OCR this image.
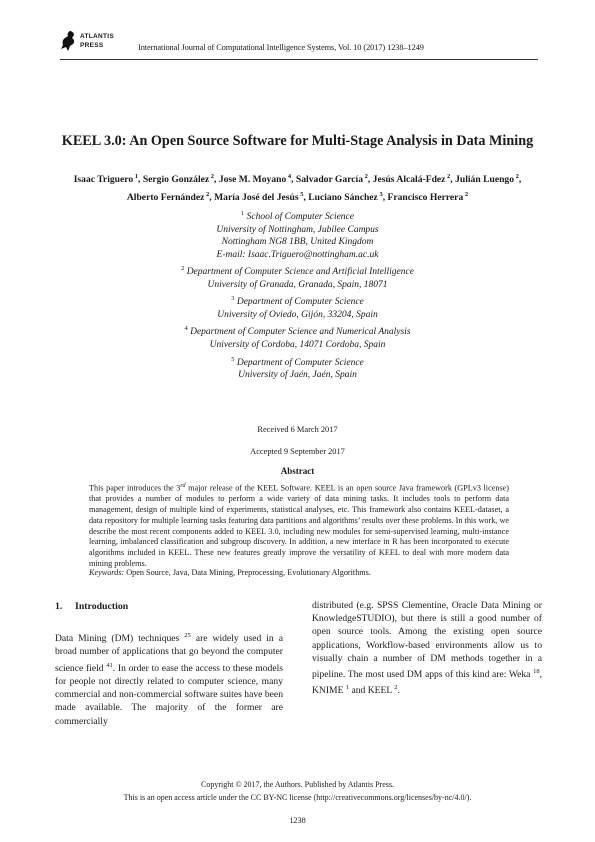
ATLANTIS
PRESS	International Journal of Computational Intelligence Systems, Vol. 10 (2017) 1238–1249
KEEL 3.0: An Open Source Software for Multi-Stage Analysis in Data Mining
Isaac Triguero $^1$, Sergio González $^2$, Jose M. Moyano $^4$, Salvador García $^2$, Jesús Alcalá-Fdez $^2$, Julián Luengo $^2$, Alberto Fernández $^2$, María José del Jesús $^5$, Luciano Sánchez $^3$, Francisco Herrera $^2$
$^1$ School of Computer Science
University of Nottingham, Jubilee Campus
Nottingham NG8 1BB, United Kingdom
E-mail: Isaac.Triguero@nottingham.ac.uk
$^2$ Department of Computer Science and Artificial Intelligence
University of Granada, Granada, Spain, 18071
$^3$ Department of Computer Science
University of Oviedo, Gijón, 33204, Spain
$^4$ Department of Computer Science and Numerical Analysis
University of Cordoba, 14071 Cordoba, Spain
$^5$ Department of Computer Science
University of Jaén, Jaén, Spain
Received 6 March 2017
Accepted 9 September 2017
Abstract
This paper introduces the 3rd major release of the KEEL Software. KEEL is an open source Java framework (GPLv3 license) that provides a number of modules to perform a wide variety of data mining tasks. It includes tools to perform data management, design of multiple kind of experiments, statistical analyses, etc. This framework also contains KEEL-dataset, a data repository for multiple learning tasks featuring data partitions and algorithms’ results over these problems. In this work, we describe the most recent components added to KEEL 3.0, including new modules for semi-supervised learning, multi-instance learning, imbalanced classification and subgroup discovery. In addition, a new interface in R has been incorporated to execute algorithms included in KEEL. These new features greatly improve the versatility of KEEL to deal with more modern data mining problems.
Keywords: Open Source, Java, Data Mining, Preprocessing, Evolutionary Algorithms.
1. Introduction
Data Mining (DM) techniques $^{25}$ are widely used in a broad number of applications that go beyond the computer science field $^{41}$. In order to ease the access to these models for people not directly related to computer science, many commercial and non-commercial software suites have been made available. The majority of the former are commercially
distributed (e.g. SPSS Clementine, Oracle Data Mining or KnowledgeSTUDIO), but there is still a good number of open source tools. Among the existing open source applications, Workflow-based environments allow us to visually chain a number of DM methods together in a pipeline. The most used DM apps of this kind are: Weka $^{18}$, KNIME $^1$ and KEEL $^2$.
Copyright © 2017, the Authors. Published by Atlantis Press.
This is an open access article under the CC BY-NC license (http://creativecommons.org/licenses/by-nc/4.0/).
1238
